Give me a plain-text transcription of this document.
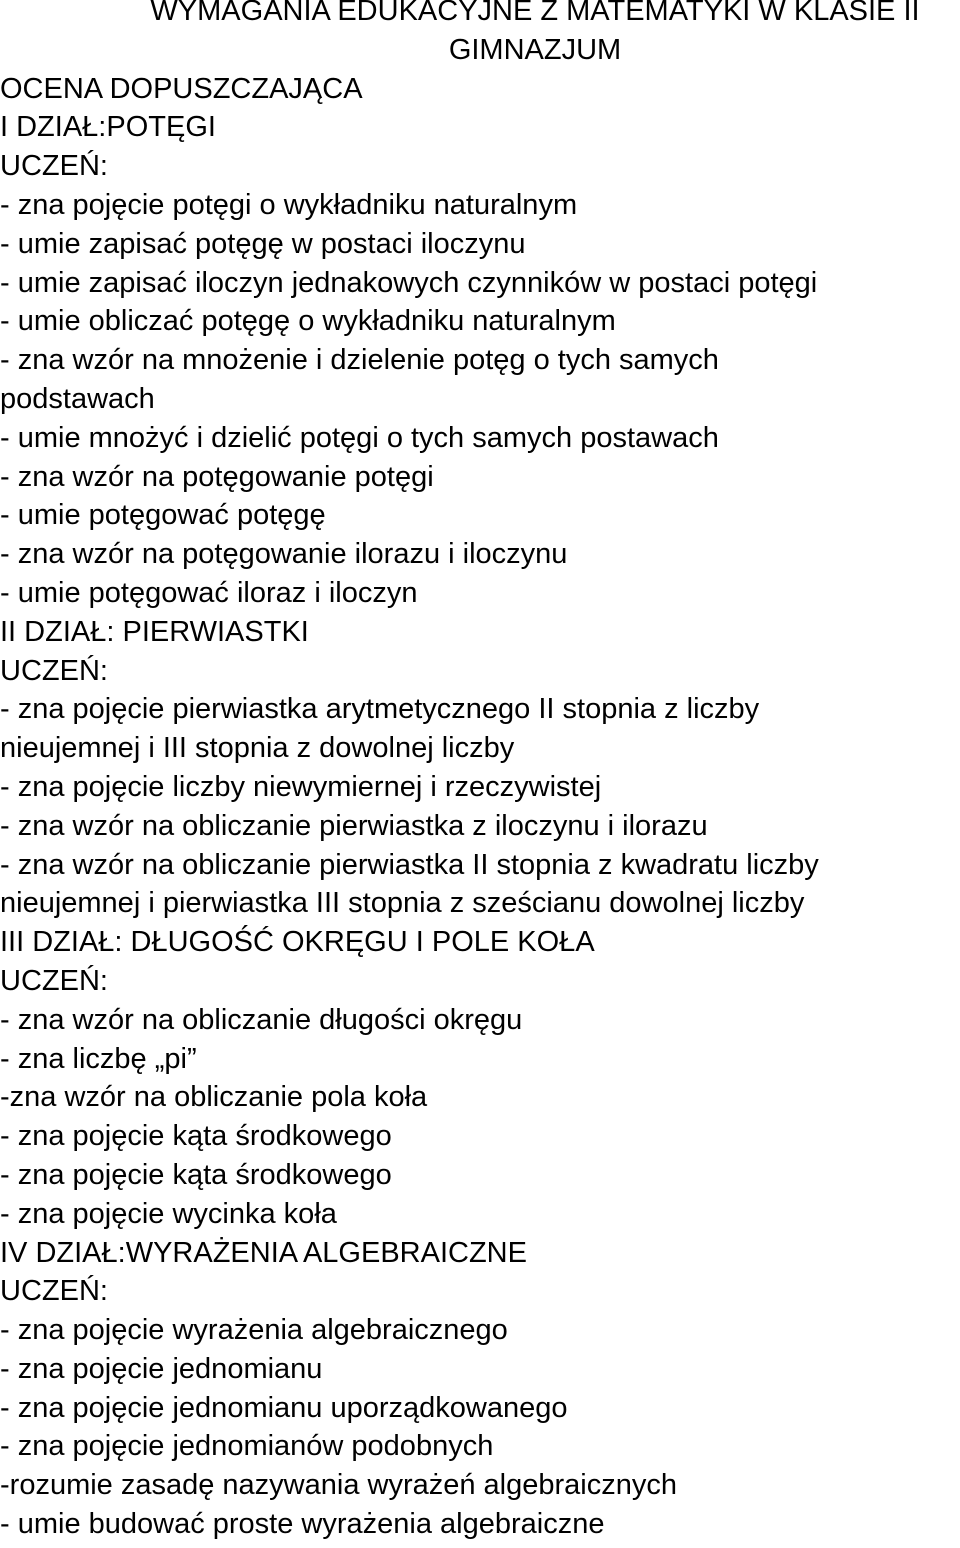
WYMAGANIA EDUKACYJNE Z MATEMATYKI W KLASIE II
GIMNAZJUM
OCENA DOPUSZCZAJĄCA
I DZIAŁ:POTĘGI
UCZEŃ:
- zna pojęcie potęgi o wykładniku naturalnym
- umie zapisać potęgę w postaci iloczynu
- umie zapisać iloczyn jednakowych czynników w postaci potęgi
- umie obliczać potęgę o wykładniku naturalnym
- zna wzór na mnożenie i dzielenie potęg o tych samych
podstawach
- umie mnożyć i dzielić potęgi o tych samych postawach
- zna wzór na potęgowanie potęgi
- umie potęgować potęgę
- zna wzór na potęgowanie ilorazu i iloczynu
- umie potęgować iloraz i iloczyn
II DZIAŁ: PIERWIASTKI
UCZEŃ:
- zna pojęcie pierwiastka arytmetycznego II stopnia z liczby
nieujemnej i III stopnia z dowolnej liczby
- zna pojęcie liczby niewymiernej i rzeczywistej
- zna wzór na obliczanie pierwiastka z iloczynu i ilorazu
- zna wzór na obliczanie pierwiastka II stopnia z kwadratu liczby
nieujemnej i pierwiastka III stopnia z sześcianu dowolnej liczby
III DZIAŁ: DŁUGOŚĆ OKRĘGU I POLE KOŁA
UCZEŃ:
- zna wzór na obliczanie długości okręgu
- zna liczbę „pi”
-zna wzór na obliczanie pola koła
- zna pojęcie kąta środkowego
- zna pojęcie kąta środkowego
- zna pojęcie wycinka koła
IV DZIAŁ:WYRAŻENIA ALGEBRAICZNE
UCZEŃ:
- zna pojęcie wyrażenia algebraicznego
- zna pojęcie jednomianu
- zna pojęcie jednomianu uporządkowanego
- zna pojęcie jednomianów podobnych
-rozumie zasadę nazywania wyrażeń algebraicznych
- umie budować proste wyrażenia algebraiczne
